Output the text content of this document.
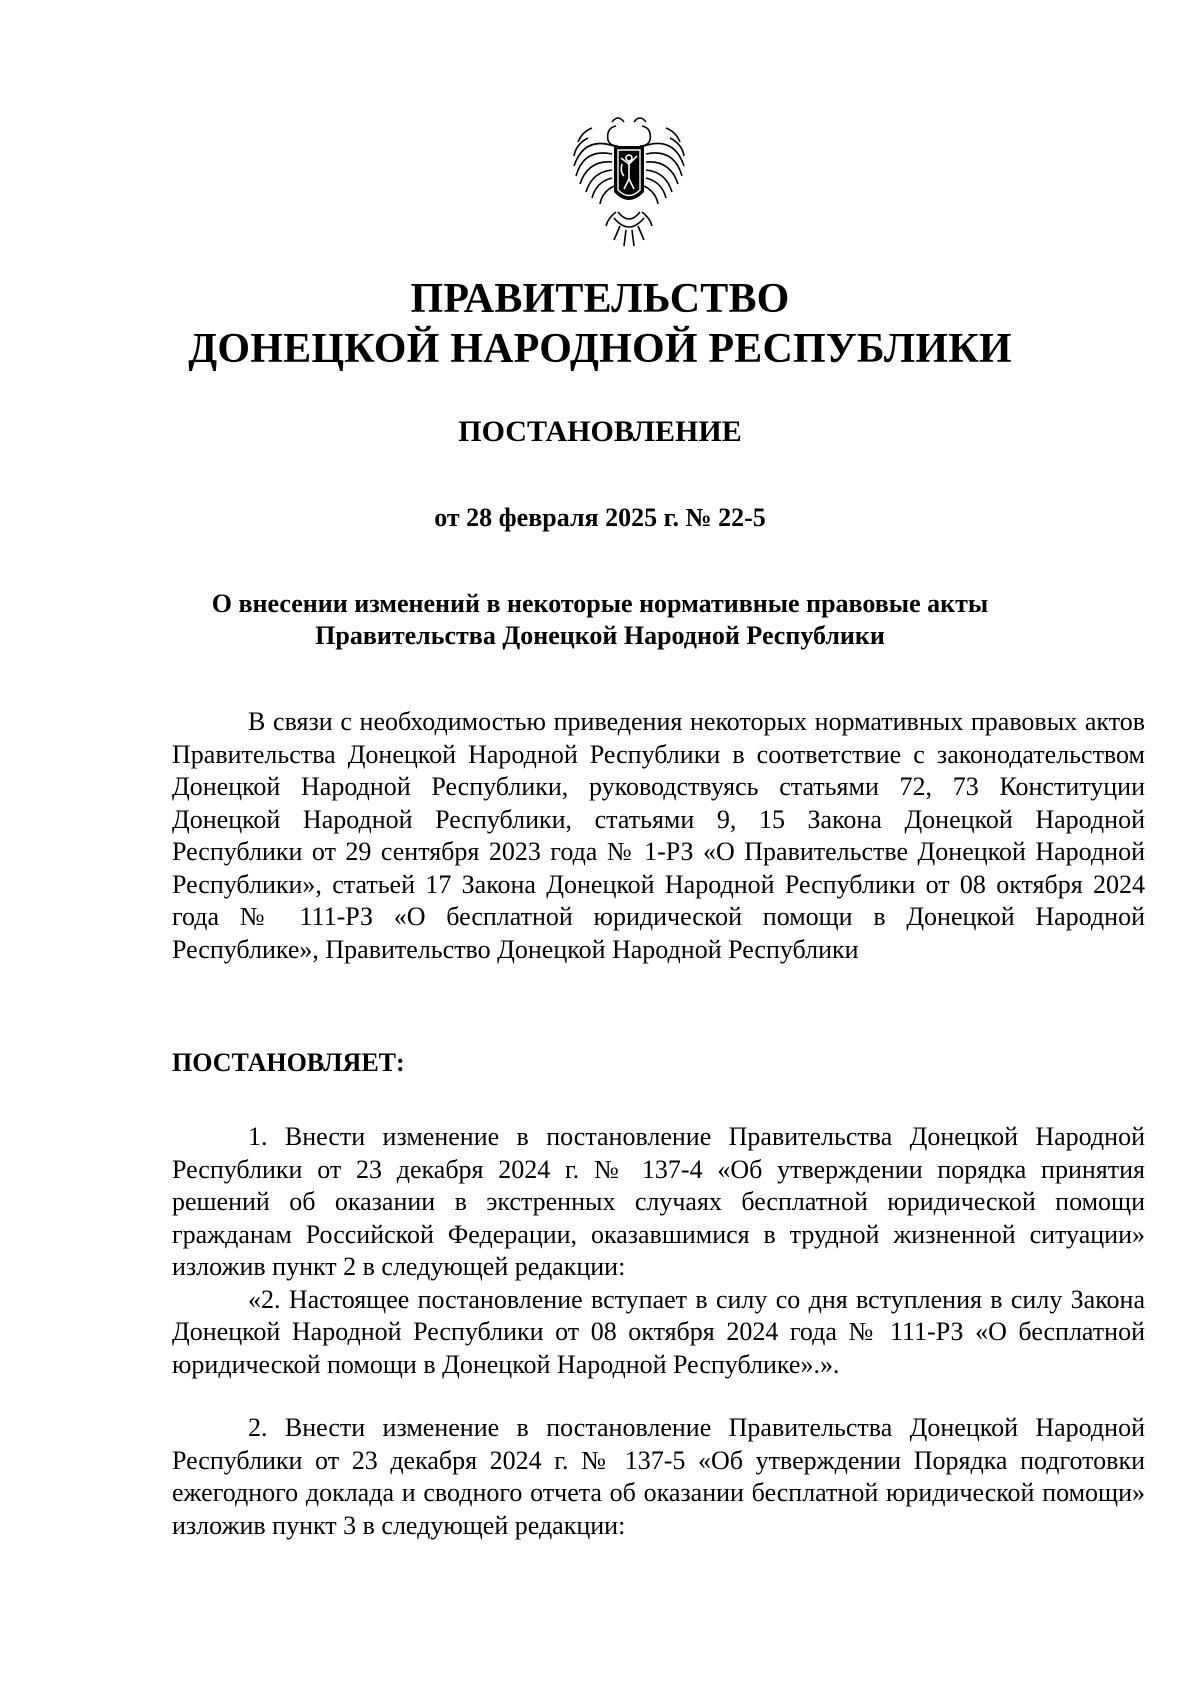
ПРАВИТЕЛЬСТВО
ДОНЕЦКОЙ НАРОДНОЙ РЕСПУБЛИКИ
ПОСТАНОВЛЕНИЕ
от 28 февраля 2025 г. № 22-5
О внесении изменений в некоторые нормативные правовые акты
Правительства Донецкой Народной Республики

В связи с необходимостью приведения некоторых нормативных правовых актов Правительства Донецкой Народной Республики в соответствие с законодательством Донецкой Народной Республики, руководствуясь статьями 72, 73 Конституции Донецкой Народной Республики, статьями 9, 15 Закона Донецкой Народной Республики от 29 сентября 2023 года № 1-РЗ «О Правительстве Донецкой Народной Республики», статьей 17 Закона Донецкой Народной Республики от 08 октября 2024 года № 111-РЗ «О бесплатной юридической помощи в Донецкой Народной Республике», Правительство Донецкой Народной Республики

ПОСТАНОВЛЯЕТ:

1. Внести изменение в постановление Правительства Донецкой Народной Республики от 23 декабря 2024 г. № 137-4 «Об утверждении порядка принятия решений об оказании в экстренных случаях бесплатной юридической помощи гражданам Российской Федерации, оказавшимися в трудной жизненной ситуации» изложив пункт 2 в следующей редакции:

«2. Настоящее постановление вступает в силу со дня вступления в силу Закона Донецкой Народной Республики от 08 октября 2024 года № 111-РЗ «О бесплатной юридической помощи в Донецкой Народной Республике».».

2. Внести изменение в постановление Правительства Донецкой Народной Республики от 23 декабря 2024 г. № 137-5 «Об утверждении Порядка подготовки ежегодного доклада и сводного отчета об оказании бесплатной юридической помощи» изложив пункт 3 в следующей редакции:
